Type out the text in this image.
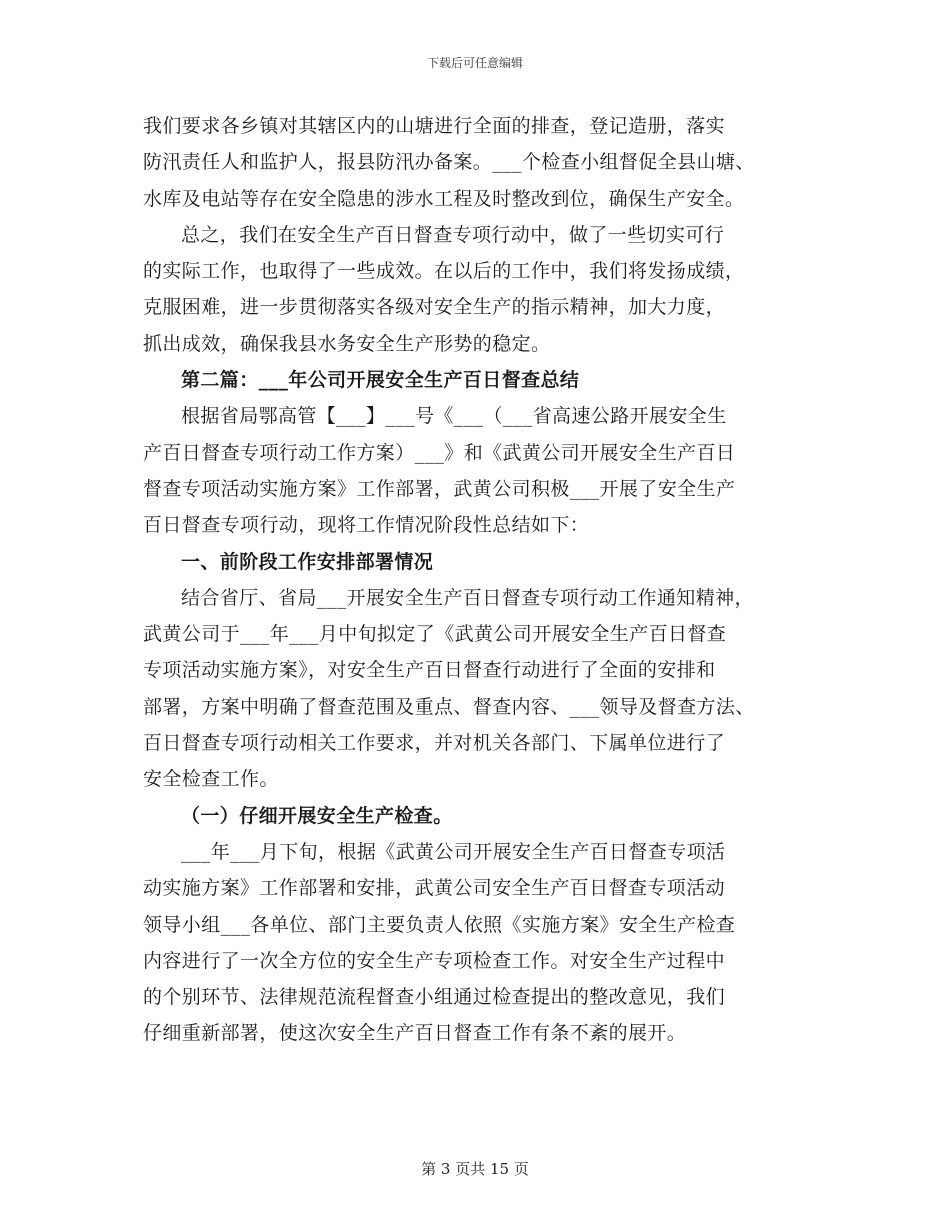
下载后可任意编辑
我们要求各乡镇对其辖区内的山塘进行全面的排查，登记造册，落实
防汛责任人和监护人，报县防汛办备案。___个检查小组督促全县山塘、
水库及电站等存在安全隐患的涉水工程及时整改到位，确保生产安全。
总之，我们在安全生产百日督查专项行动中，做了一些切实可行
的实际工作，也取得了一些成效。在以后的工作中，我们将发扬成绩，
克服困难，进一步贯彻落实各级对安全生产的指示精神，加大力度，
抓出成效，确保我县水务安全生产形势的稳定。
第二篇：___年公司开展安全生产百日督查总结
根据省局鄂高管【___】___号《___（___省高速公路开展安全生
产百日督查专项行动工作方案）___》和《武黄公司开展安全生产百日
督查专项活动实施方案》工作部署，武黄公司积极___开展了安全生产
百日督查专项行动，现将工作情况阶段性总结如下：
一、前阶段工作安排部署情况
结合省厅、省局___开展安全生产百日督查专项行动工作通知精神，
武黄公司于___年___月中旬拟定了《武黄公司开展安全生产百日督查
专项活动实施方案》，对安全生产百日督查行动进行了全面的安排和
部署，方案中明确了督查范围及重点、督查内容、___领导及督查方法、
百日督查专项行动相关工作要求，并对机关各部门、下属单位进行了
安全检查工作。
（一）仔细开展安全生产检查。
___年___月下旬，根据《武黄公司开展安全生产百日督查专项活
动实施方案》工作部署和安排，武黄公司安全生产百日督查专项活动
领导小组___各单位、部门主要负责人依照《实施方案》安全生产检查
内容进行了一次全方位的安全生产专项检查工作。对安全生产过程中
的个别环节、法律规范流程督查小组通过检查提出的整改意见，我们
仔细重新部署，使这次安全生产百日督查工作有条不紊的展开。
第 3 页共 15 页
